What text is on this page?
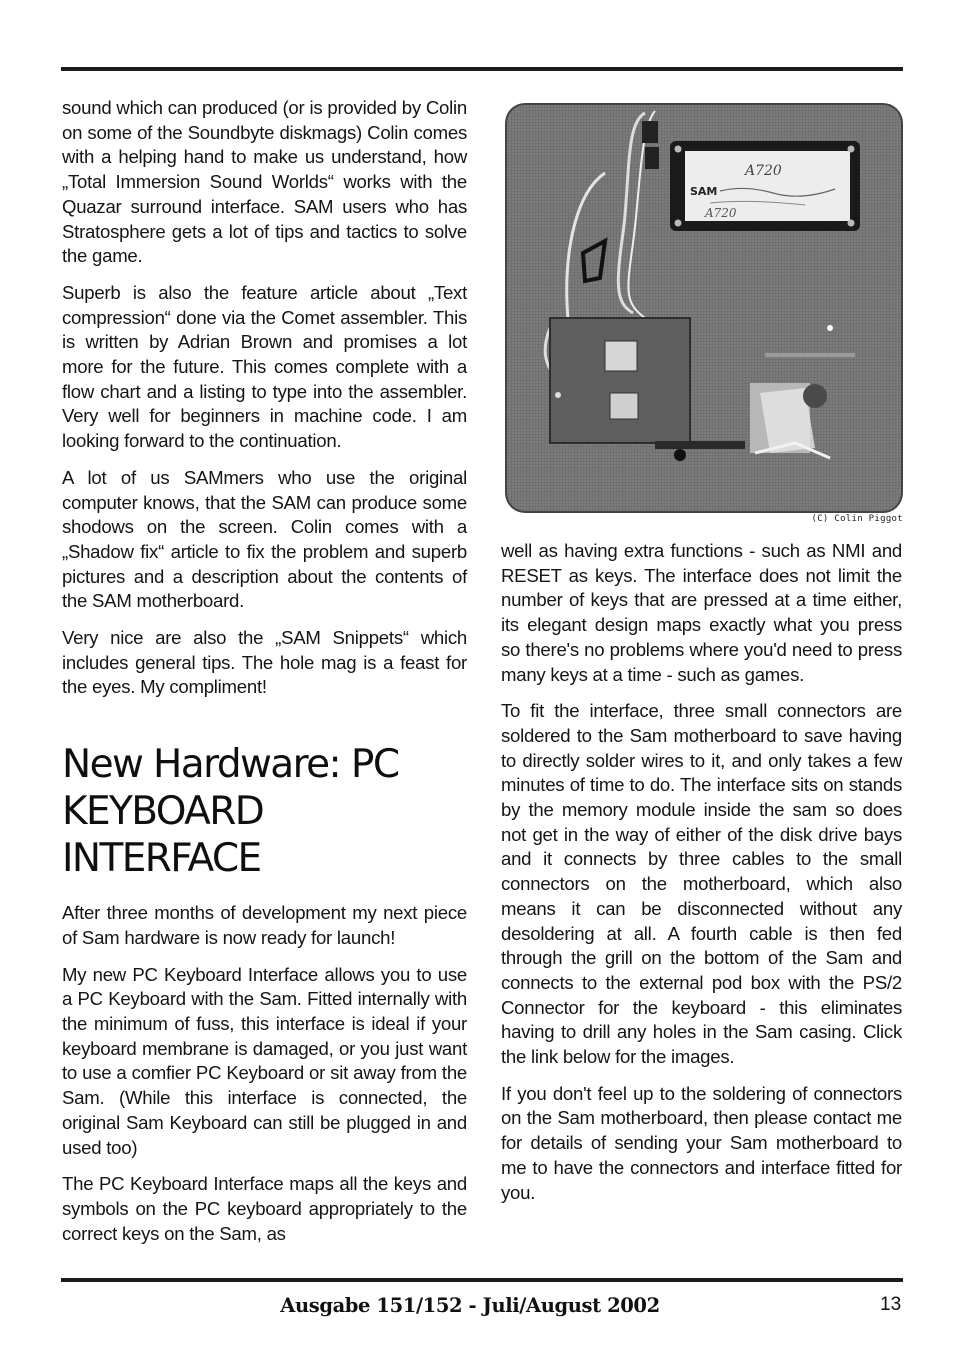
sound which can produced (or is provided by Colin on some of the Soundbyte diskmags) Colin comes with a helping hand to make us understand, how „Total Immersion Sound Worlds“ works with the Quazar surround interface. SAM users who has Stratosphere gets a lot of tips and tactics to solve the game.

Superb is also the feature article about „Text compression“ done via the Comet assembler. This is written by Adrian Brown and promises a lot more for the future. This comes complete with a flow chart and a listing to type into the assembler. Very well for beginners in machine code. I am looking forward to the continuation.

A lot of us SAMmers who use the original computer knows, that the SAM can produce some shodows on the screen. Colin comes with a „Shadow fix“ article to fix the problem and superb pictures and a description about the contents of the SAM motherboard.

Very nice are also the „SAM Snippets“ which includes general tips. The hole mag is a feast for the eyes. My compliment!

New Hardware: PC KEYBOARD INTERFACE

After three months of development my next piece of Sam hardware is now ready for launch!

My new PC Keyboard Interface allows you to use a PC Keyboard with the Sam. Fitted internally with the minimum of fuss, this interface is ideal if your keyboard membrane is damaged, or you just want to use a comfier PC Keyboard or sit away from the Sam. (While this interface is connected, the original Sam Keyboard can still be plugged in and used too)

The PC Keyboard Interface maps all the keys and symbols on the PC keyboard appropriately to the correct keys on the Sam, as

A720
SAM
A720
(C) Colin Piggot

well as having extra functions - such as NMI and RESET as keys. The interface does not limit the number of keys that are pressed at a time either, its elegant design maps exactly what you press so there's no problems where you'd need to press many keys at a time - such as games.

To fit the interface, three small connectors are soldered to the Sam motherboard to save having to directly solder wires to it, and only takes a few minutes of time to do. The interface sits on stands by the memory module inside the sam so does not get in the way of either of the disk drive bays and it connects by three cables to the small connectors on the motherboard, which also means it can be disconnected without any desoldering at all. A fourth cable is then fed through the grill on the bottom of the Sam and connects to the external pod box with the PS/2 Connector for the keyboard - this eliminates having to drill any holes in the Sam casing. Click the link below for the images.

If you don't feel up to the soldering of connectors on the Sam motherboard, then please contact me for details of sending your Sam motherboard to me to have the connectors and interface fitted for you.

Ausgabe 151/152 - Juli/August 2002	13
